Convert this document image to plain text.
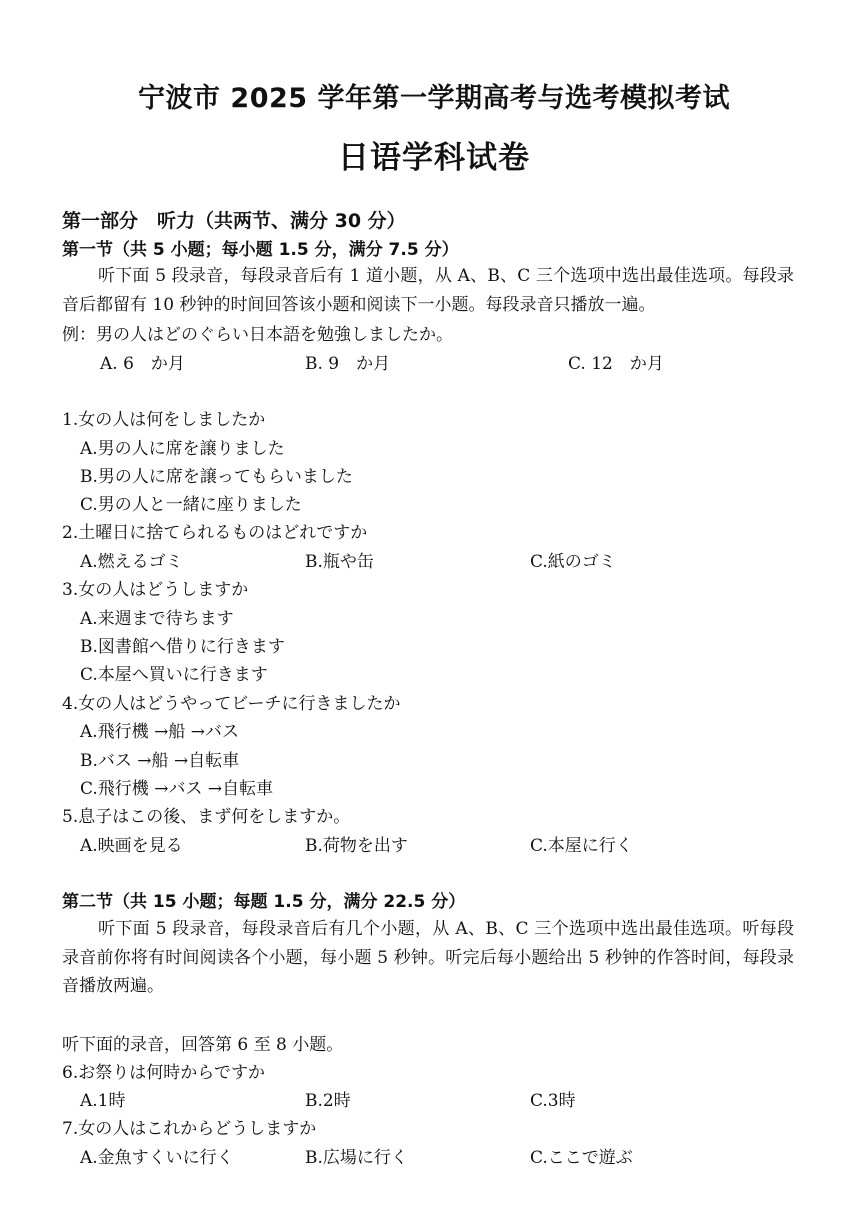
宁波市 2025 学年第一学期高考与选考模拟考试
日语学科试卷
第一部分　听力（共两节、满分 30 分）
第一节（共 5 小题；每小题 1.5 分，满分 7.5 分）
听下面 5 段录音，每段录音后有 1 道小题，从 A、B、C 三个选项中选出最佳选项。每段录音后都留有 10 秒钟的时间回答该小题和阅读下一小题。每段录音只播放一遍。
例：男の人はどのぐらい日本語を勉強しましたか。
A. 6　か月	B. 9　か月	C. 12　か月
1.女の人は何をしましたか
A.男の人に席を譲りました
B.男の人に席を譲ってもらいました
C.男の人と一緒に座りました
2.土曜日に捨てられるものはどれですか
A.燃えるゴミ	B.瓶や缶	C.紙のゴミ
3.女の人はどうしますか
A.来週まで待ちます
B.図書館へ借りに行きます
C.本屋へ買いに行きます
4.女の人はどうやってビーチに行きましたか
A.飛行機 →船 →バス
B.バス →船 →自転車
C.飛行機 →バス →自転車
5.息子はこの後、まず何をしますか。
A.映画を見る	B.荷物を出す	C.本屋に行く
第二节（共 15 小题；每题 1.5 分，满分 22.5 分）
听下面 5 段录音，每段录音后有几个小题，从 A、B、C 三个选项中选出最佳选项。听每段录音前你将有时间阅读各个小题，每小题 5 秒钟。听完后每小题给出 5 秒钟的作答时间，每段录音播放两遍。
听下面的录音，回答第 6 至 8 小题。
6.お祭りは何時からですか
A.1時	B.2時	C.3時
7.女の人はこれからどうしますか
A.金魚すくいに行く	B.広場に行く	C.ここで遊ぶ
